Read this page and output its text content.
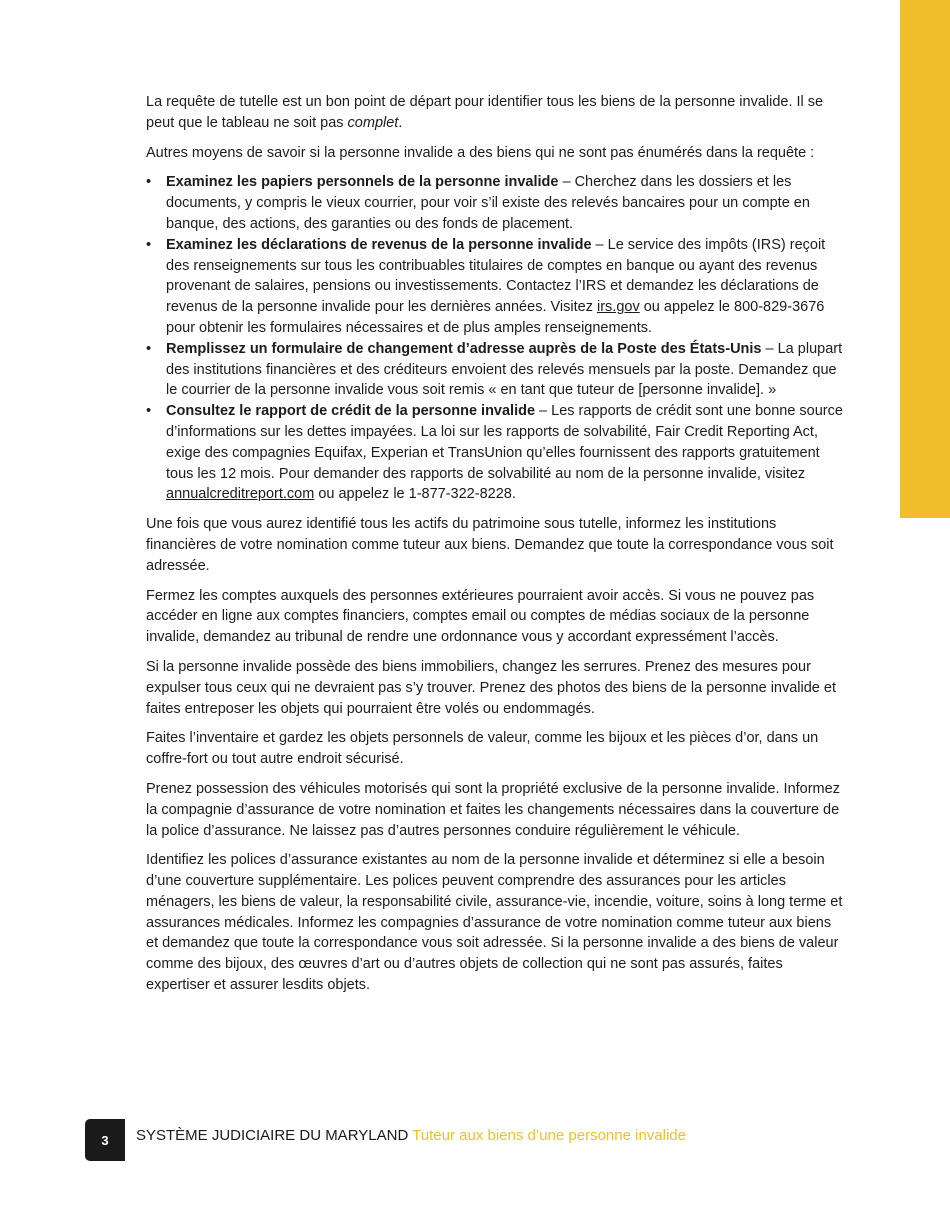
La requête de tutelle est un bon point de départ pour identifier tous les biens de la personne invalide. Il se peut que le tableau ne soit pas complet.

Autres moyens de savoir si la personne invalide a des biens qui ne sont pas énumérés dans la requête :

• Examinez les papiers personnels de la personne invalide – Cherchez dans les dossiers et les documents, y compris le vieux courrier, pour voir s’il existe des relevés bancaires pour un compte en banque, des actions, des garanties ou des fonds de placement.
• Examinez les déclarations de revenus de la personne invalide – Le service des impôts (IRS) reçoit des renseignements sur tous les contribuables titulaires de comptes en banque ou ayant des revenus provenant de salaires, pensions ou investissements. Contactez l’IRS et demandez les déclarations de revenus de la personne invalide pour les dernières années. Visitez irs.gov ou appelez le 800-829-3676 pour obtenir les formulaires nécessaires et de plus amples renseignements.
• Remplissez un formulaire de changement d’adresse auprès de la Poste des États-Unis – La plupart des institutions financières et des créditeurs envoient des relevés mensuels par la poste. Demandez que le courrier de la personne invalide vous soit remis « en tant que tuteur de [personne invalide]. »
• Consultez le rapport de crédit de la personne invalide – Les rapports de crédit sont une bonne source d’informations sur les dettes impayées. La loi sur les rapports de solvabilité, Fair Credit Reporting Act, exige des compagnies Equifax, Experian et TransUnion qu’elles fournissent des rapports gratuitement tous les 12 mois. Pour demander des rapports de solvabilité au nom de la personne invalide, visitez annualcreditreport.com ou appelez le 1-877-322-8228.

Une fois que vous aurez identifié tous les actifs du patrimoine sous tutelle, informez les institutions financières de votre nomination comme tuteur aux biens. Demandez que toute la correspondance vous soit adressée.

Fermez les comptes auxquels des personnes extérieures pourraient avoir accès. Si vous ne pouvez pas accéder en ligne aux comptes financiers, comptes email ou comptes de médias sociaux de la personne invalide, demandez au tribunal de rendre une ordonnance vous y accordant expressément l’accès.

Si la personne invalide possède des biens immobiliers, changez les serrures. Prenez des mesures pour expulser tous ceux qui ne devraient pas s’y trouver. Prenez des photos des biens de la personne invalide et faites entreposer les objets qui pourraient être volés ou endommagés.

Faites l’inventaire et gardez les objets personnels de valeur, comme les bijoux et les pièces d’or, dans un coffre-fort ou tout autre endroit sécurisé.

Prenez possession des véhicules motorisés qui sont la propriété exclusive de la personne invalide. Informez la compagnie d’assurance de votre nomination et faites les changements nécessaires dans la couverture de la police d’assurance. Ne laissez pas d’autres personnes conduire régulièrement le véhicule.

Identifiez les polices d’assurance existantes au nom de la personne invalide et déterminez si elle a besoin d’une couverture supplémentaire. Les polices peuvent comprendre des assurances pour les articles ménagers, les biens de valeur, la responsabilité civile, assurance-vie, incendie, voiture, soins à long terme et assurances médicales. Informez les compagnies d’assurance de votre nomination comme tuteur aux biens et demandez que toute la correspondance vous soit adressée. Si la personne invalide a des biens de valeur comme des bijoux, des œuvres d’art ou d’autres objets de collection qui ne sont pas assurés, faites expertiser et assurer lesdits objets.

3	SYSTÈME JUDICIAIRE DU MARYLAND Tuteur aux biens d’une personne invalide
